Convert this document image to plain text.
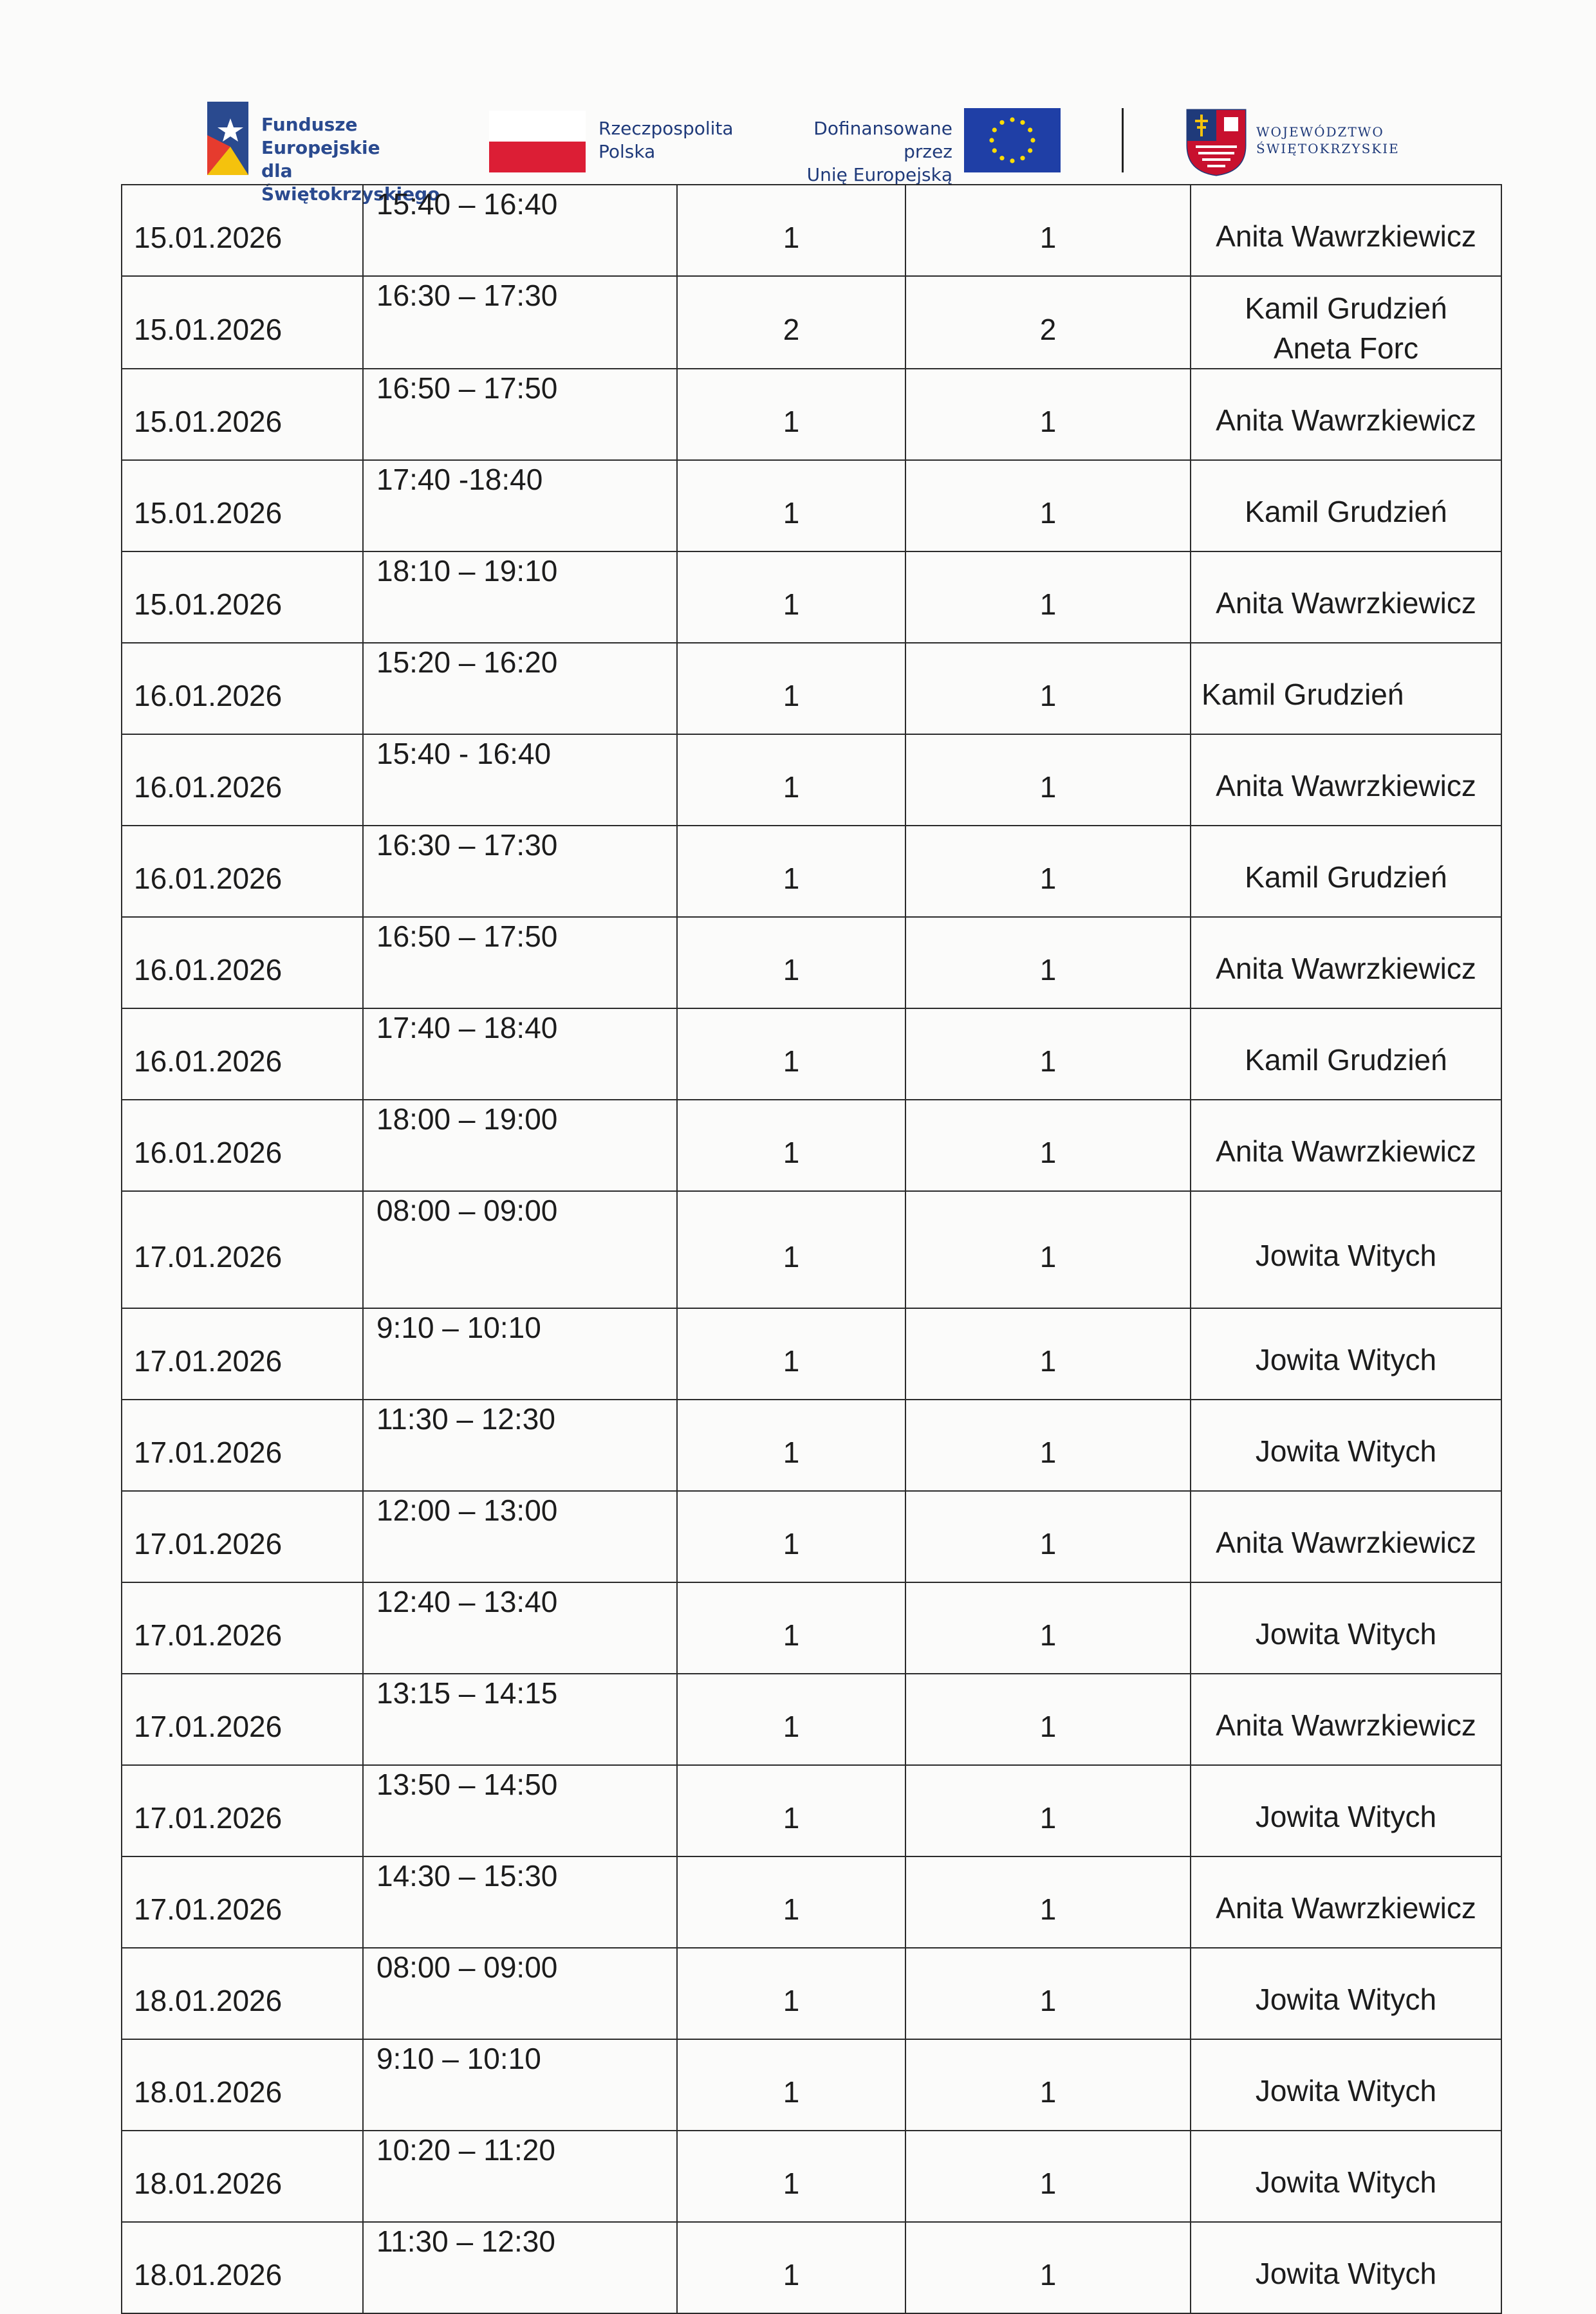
Fundusze Europejskie
dla Świętokrzyskiego
Rzeczpospolita
Polska
Dofinansowane przez
Unię Europejską
WOJEWÓDZTWO
ŚWIĘTOKRZYSKIE
15.01.2026	15:40 – 16:40	1	1	Anita Wawrzkiewicz

15.01.2026	16:30 – 17:30	2	2	Kamil Grudzień
Aneta Forc

15.01.2026	16:50 – 17:50	1	1	Anita Wawrzkiewicz

15.01.2026	17:40 -18:40	1	1	Kamil Grudzień

15.01.2026	18:10 – 19:10	1	1	Anita Wawrzkiewicz

16.01.2026	15:20 – 16:20	1	1	Kamil Grudzień

16.01.2026	15:40 - 16:40	1	1	Anita Wawrzkiewicz

16.01.2026	16:30 – 17:30	1	1	Kamil Grudzień

16.01.2026	16:50 – 17:50	1	1	Anita Wawrzkiewicz

16.01.2026	17:40 – 18:40	1	1	Kamil Grudzień

16.01.2026	18:00 – 19:00	1	1	Anita Wawrzkiewicz

17.01.2026	08:00 – 09:00	1	1	Jowita Witych

17.01.2026	9:10 – 10:10	1	1	Jowita Witych

17.01.2026	11:30 – 12:30	1	1	Jowita Witych

17.01.2026	12:00 – 13:00	1	1	Anita Wawrzkiewicz

17.01.2026	12:40 – 13:40	1	1	Jowita Witych

17.01.2026	13:15 – 14:15	1	1	Anita Wawrzkiewicz

17.01.2026	13:50 – 14:50	1	1	Jowita Witych

17.01.2026	14:30 – 15:30	1	1	Anita Wawrzkiewicz

18.01.2026	08:00 – 09:00	1	1	Jowita Witych

18.01.2026	9:10 – 10:10	1	1	Jowita Witych

18.01.2026	10:20 – 11:20	1	1	Jowita Witych

18.01.2026	11:30 – 12:30	1	1	Jowita Witych
